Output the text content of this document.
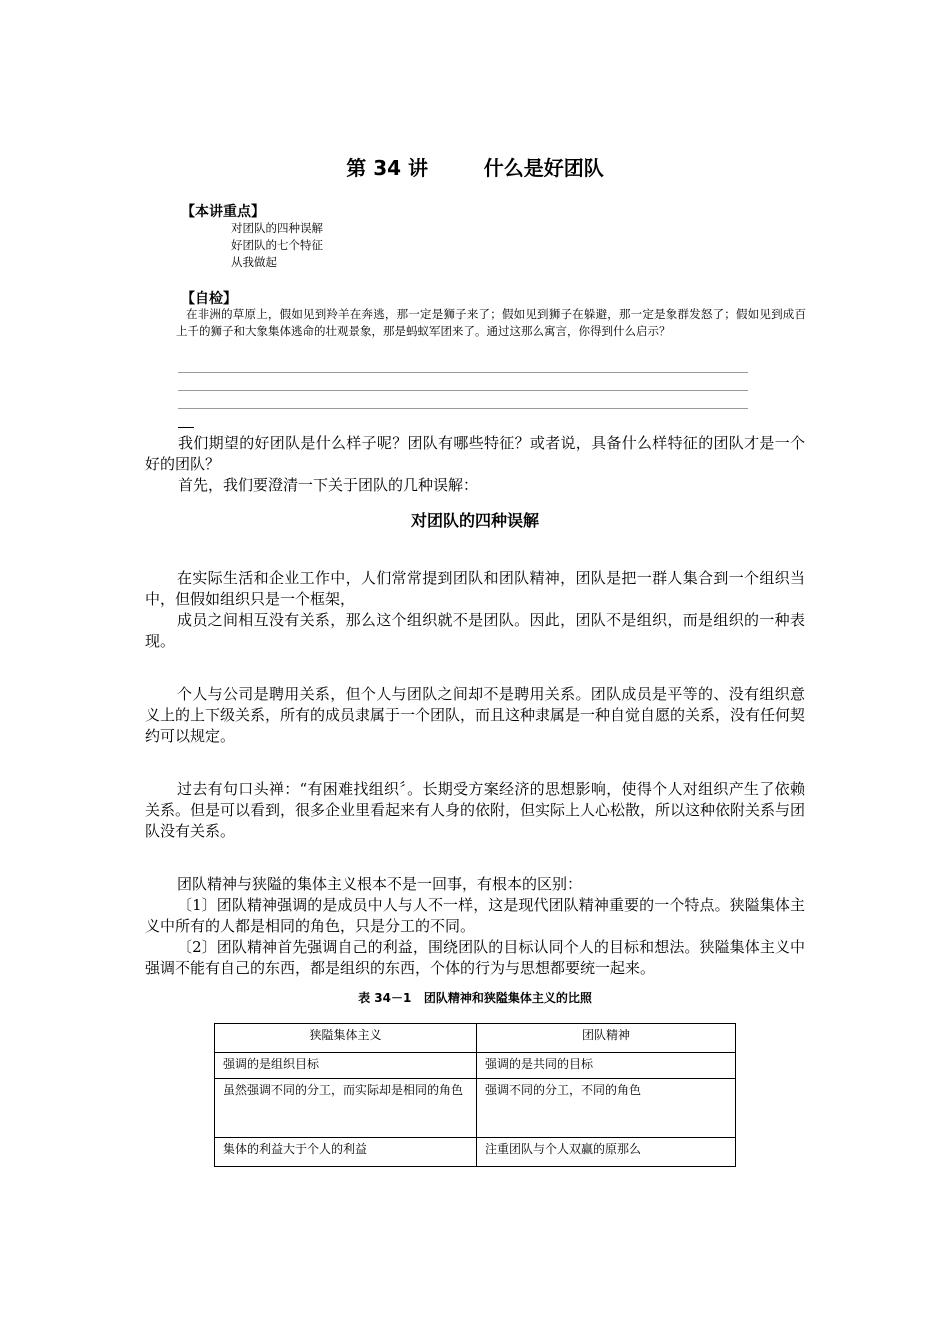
第 34 讲	什么是好团队
【本讲重点】
对团队的四种误解
好团队的七个特征
从我做起
【自检】

在非洲的草原上，假如见到羚羊在奔逃，那一定是狮子来了；假如见到狮子在躲避，那一定是象群发怒了；假如见到成百上千的狮子和大象集体逃命的壮观景象，那是蚂蚁军团来了。通过这那么寓言，你得到什么启示？

我们期望的好团队是什么样子呢？团队有哪些特征？或者说，具备什么样特征的团队才是一个好的团队？

首先，我们要澄清一下关于团队的几种误解：

对团队的四种误解

在实际生活和企业工作中，人们常常提到团队和团队精神，团队是把一群人集合到一个组织当中，但假如组织只是一个框架，

成员之间相互没有关系，那么这个组织就不是团队。因此，团队不是组织，而是组织的一种表现。

个人与公司是聘用关系，但个人与团队之间却不是聘用关系。团队成员是平等的、没有组织意义上的上下级关系，所有的成员隶属于一个团队，而且这种隶属是一种自觉自愿的关系，没有任何契约可以规定。

过去有句口头禅：“有困难找组织〞。长期受方案经济的思想影响，使得个人对组织产生了依赖关系。但是可以看到，很多企业里看起来有人身的依附，但实际上人心松散，所以这种依附关系与团队没有关系。

团队精神与狭隘的集体主义根本不是一回事，有根本的区别：

〔1〕团队精神强调的是成员中人与人不一样，这是现代团队精神重要的一个特点。狭隘集体主义中所有的人都是相同的角色，只是分工的不同。

〔2〕团队精神首先强调自己的利益，围绕团队的目标认同个人的目标和想法。狭隘集体主义中强调不能有自己的东西，都是组织的东西，个体的行为与思想都要统一起来。

表 34－1 团队精神和狭隘集体主义的比照
狭隘集体主义	团队精神
强调的是组织目标	强调的是共同的目标
虽然强调不同的分工，而实际却是相同的角色	强调不同的分工，不同的角色
集体的利益大于个人的利益	注重团队与个人双赢的原那么
